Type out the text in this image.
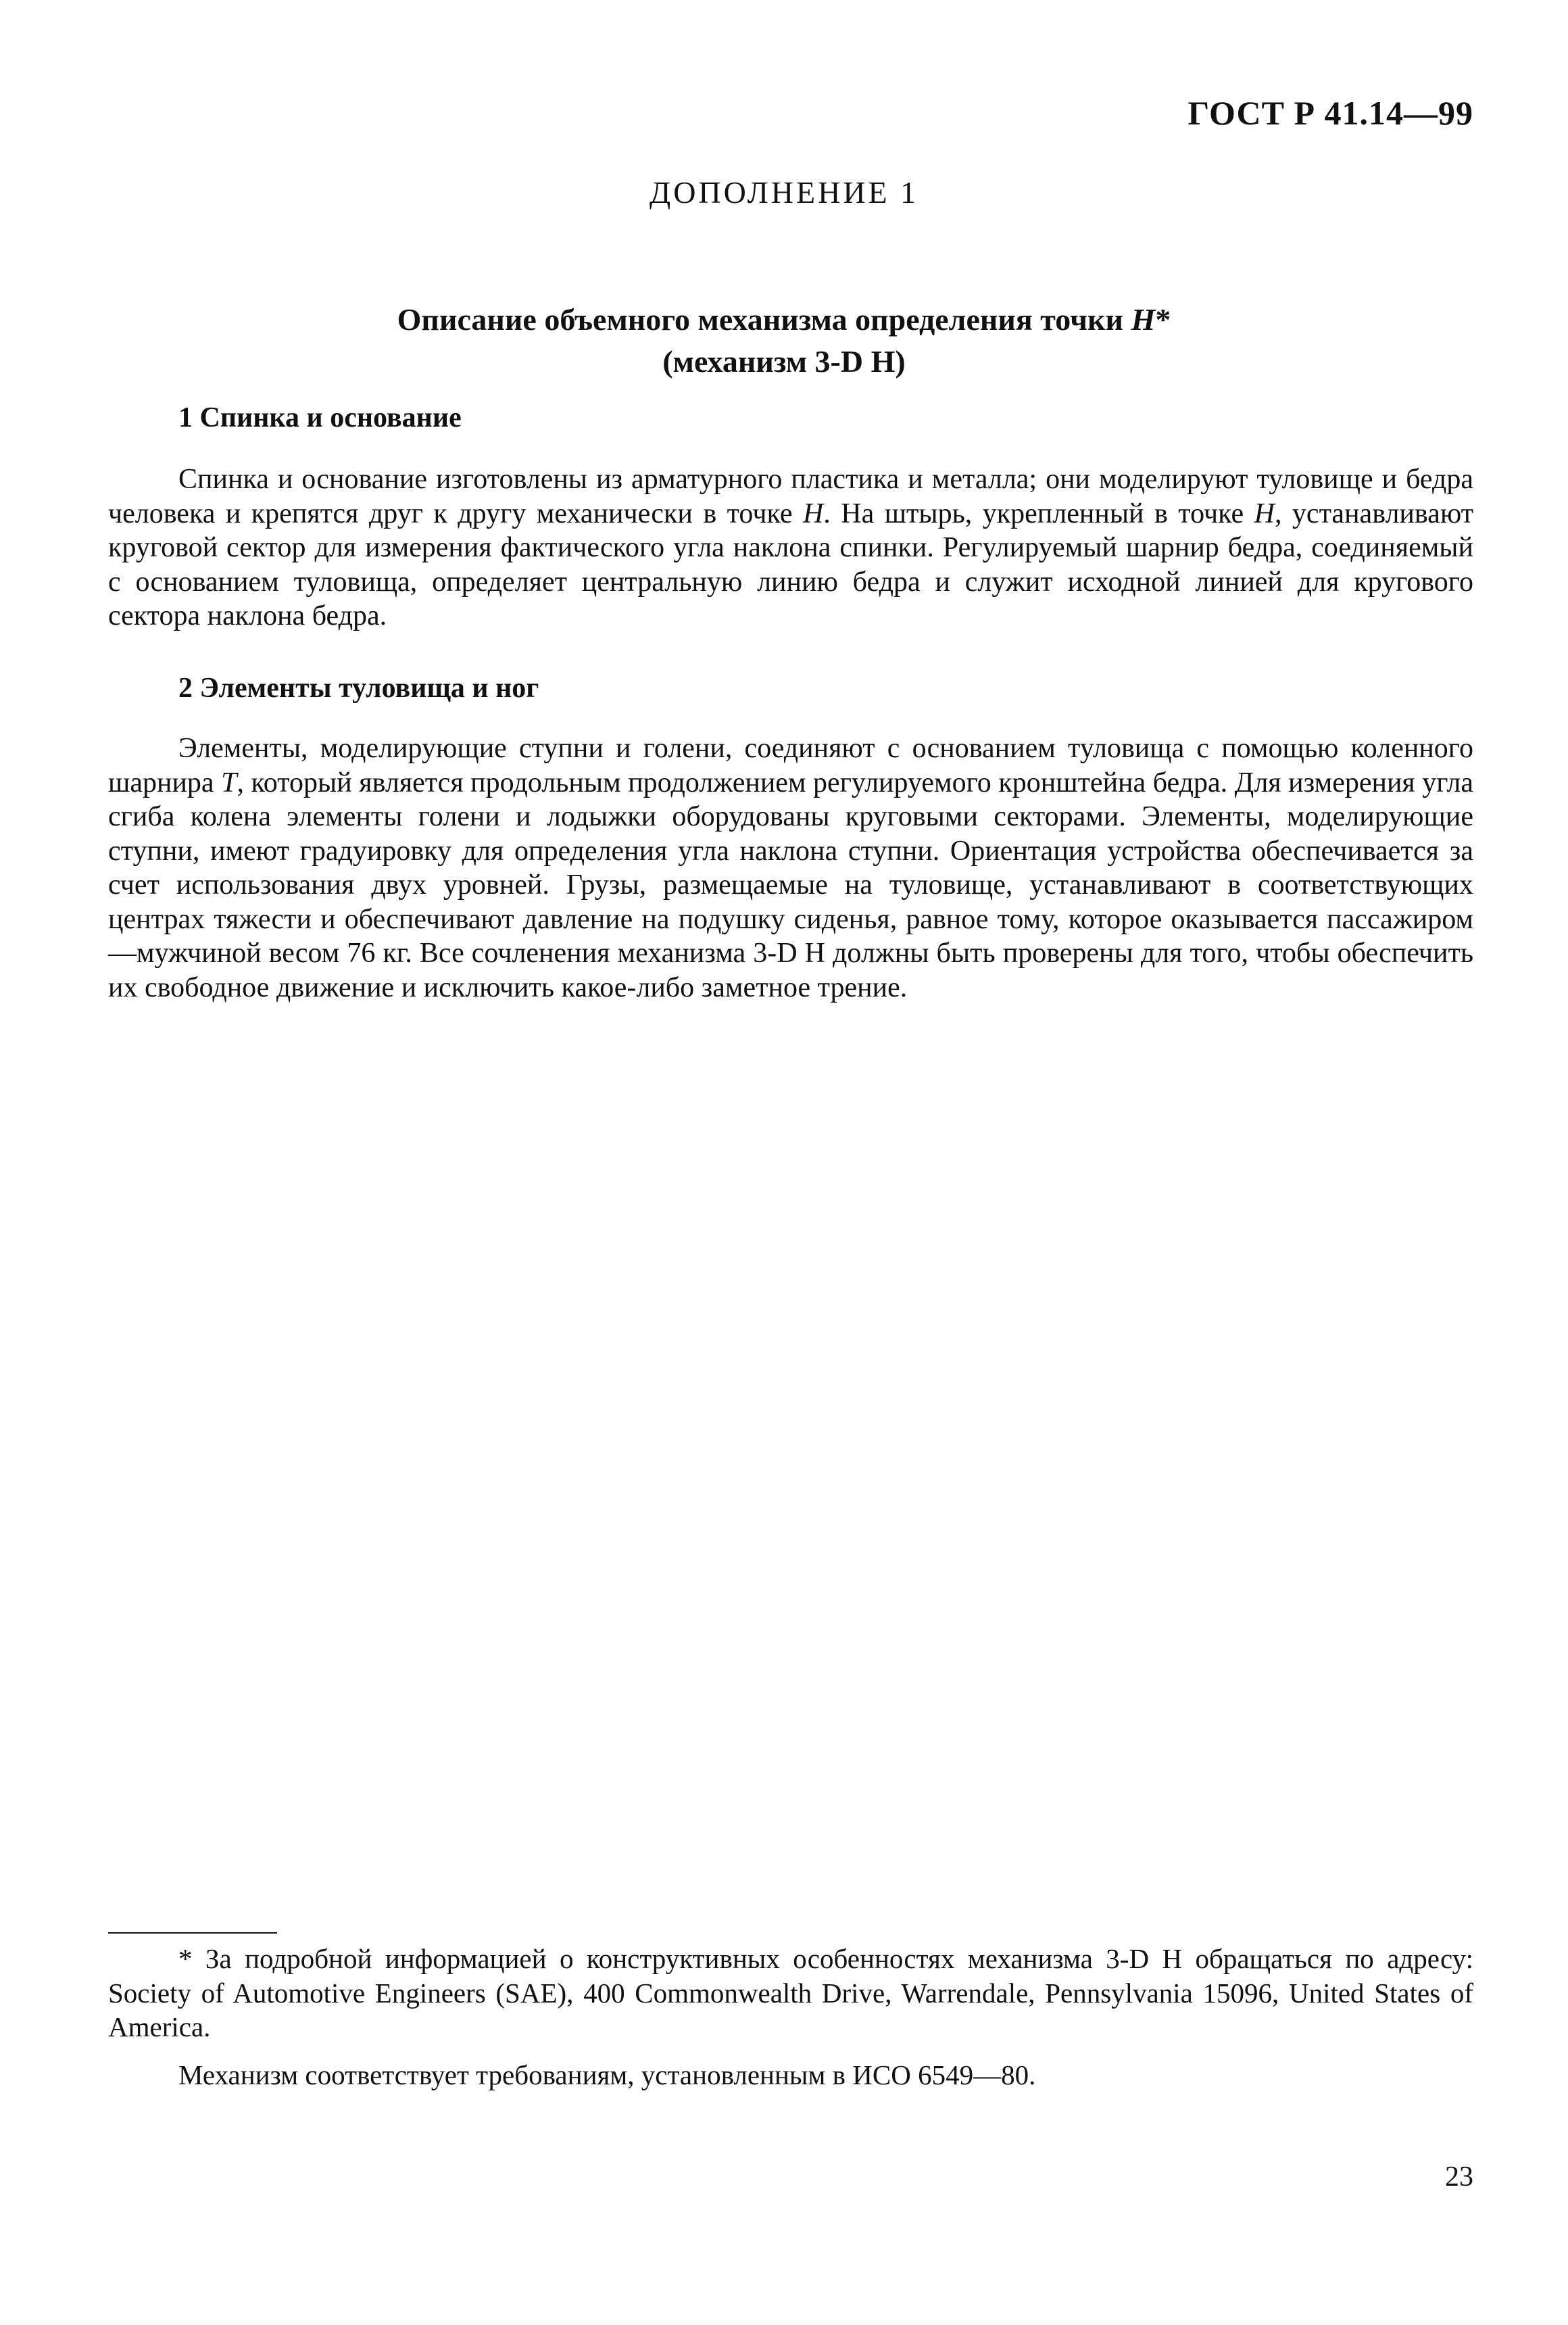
ГОСТ Р 41.14—99
ДОПОЛНЕНИЕ 1
Описание объемного механизма определения точки H*
(механизм 3-D H)
1 Спинка и основание

Спинка и основание изготовлены из арматурного пластика и металла; они моделируют туловище и бедра человека и крепятся друг к другу механически в точке H. На штырь, укрепленный в точке H, устанавливают круговой сектор для измерения фактического угла наклона спинки. Регулируемый шарнир бедра, соединяемый с основанием туловища, определяет центральную линию бедра и служит исходной линией для кругового сектора наклона бедра.

2 Элементы туловища и ног

Элементы, моделирующие ступни и голени, соединяют с основанием туловища с помощью коленного шарнира T, который является продольным продолжением регулируемого кронштейна бедра. Для измерения угла сгиба колена элементы голени и лодыжки оборудованы круговыми секторами. Элементы, моделирующие ступни, имеют градуировку для определения угла наклона ступни. Ориентация устройства обеспечивается за счет использования двух уровней. Грузы, размещаемые на туловище, устанавливают в соответствующих центрах тяжести и обеспечивают давление на подушку сиденья, равное тому, которое оказывается пассажиром—мужчиной весом 76 кг. Все сочленения механизма 3-D H должны быть проверены для того, чтобы обеспечить их свободное движение и исключить какое-либо заметное трение.

* За подробной информацией о конструктивных особенностях механизма 3-D H обращаться по адресу: Society of Automotive Engineers (SAE), 400 Commonwealth Drive, Warrendale, Pennsylvania 15096, United States of America.

Механизм соответствует требованиям, установленным в ИСО 6549—80.

23
